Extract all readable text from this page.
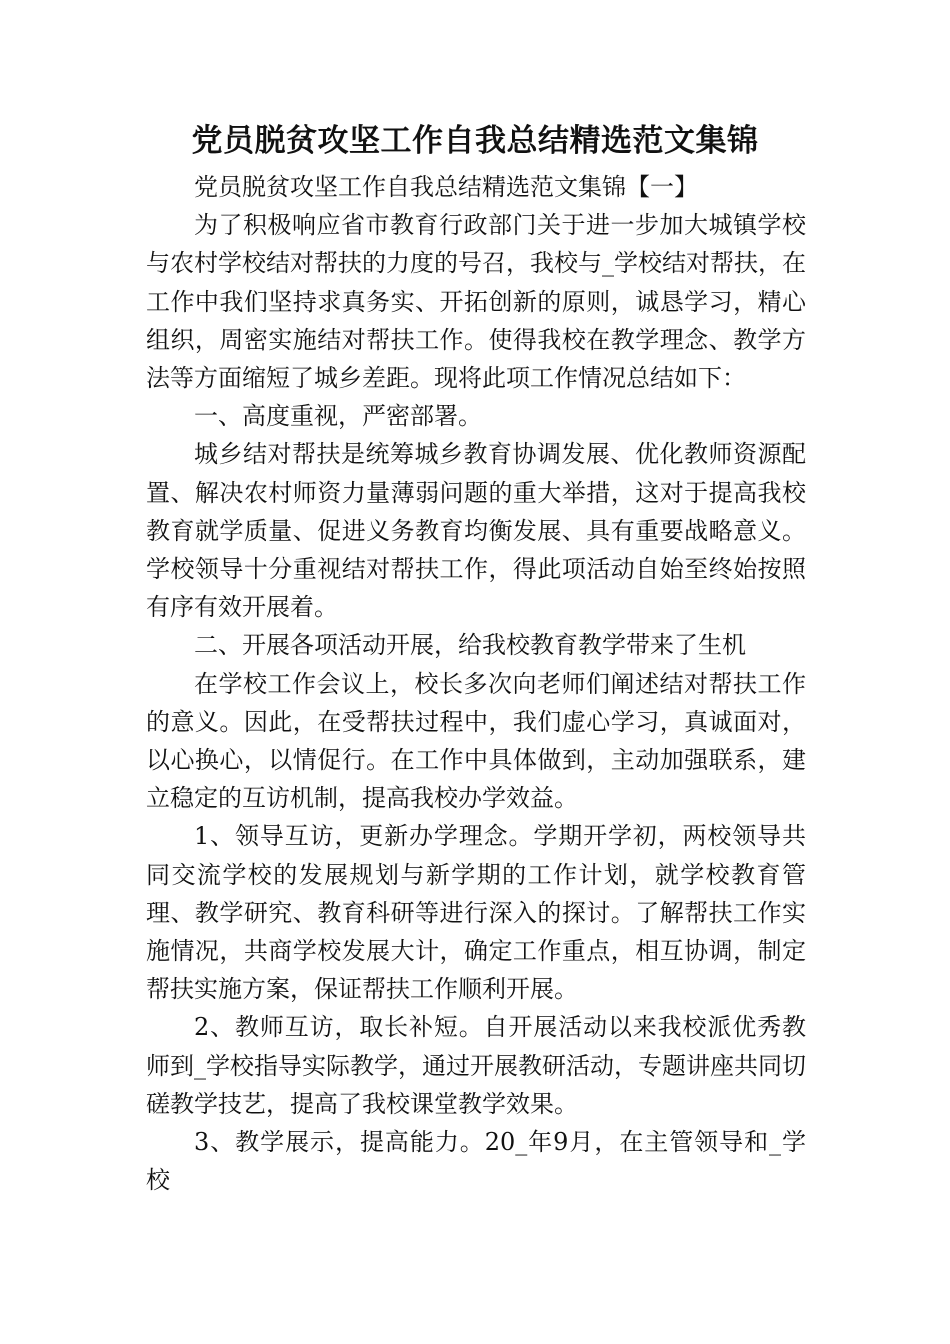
党员脱贫攻坚工作自我总结精选范文集锦

党员脱贫攻坚工作自我总结精选范文集锦【一】

为了积极响应省市教育行政部门关于进一步加大城镇学校与农村学校结对帮扶的力度的号召，我校与_学校结对帮扶，在工作中我们坚持求真务实、开拓创新的原则，诚恳学习，精心组织，周密实施结对帮扶工作。使得我校在教学理念、教学方法等方面缩短了城乡差距。现将此项工作情况总结如下：

一、高度重视，严密部署。

城乡结对帮扶是统筹城乡教育协调发展、优化教师资源配置、解决农村师资力量薄弱问题的重大举措，这对于提高我校教育就学质量、促进义务教育均衡发展、具有重要战略意义。学校领导十分重视结对帮扶工作，得此项活动自始至终始按照有序有效开展着。

二、开展各项活动开展，给我校教育教学带来了生机

在学校工作会议上，校长多次向老师们阐述结对帮扶工作的意义。因此，在受帮扶过程中，我们虚心学习，真诚面对，以心换心，以情促行。在工作中具体做到，主动加强联系，建立稳定的互访机制，提高我校办学效益。

1、领导互访，更新办学理念。学期开学初，两校领导共同交流学校的发展规划与新学期的工作计划，就学校教育管理、教学研究、教育科研等进行深入的探讨。了解帮扶工作实施情况，共商学校发展大计，确定工作重点，相互协调，制定帮扶实施方案，保证帮扶工作顺利开展。

2、教师互访，取长补短。自开展活动以来我校派优秀教师到_学校指导实际教学，通过开展教研活动，专题讲座共同切磋教学技艺，提高了我校课堂教学效果。

3、教学展示，提高能力。20_年9月，在主管领导和_学校
